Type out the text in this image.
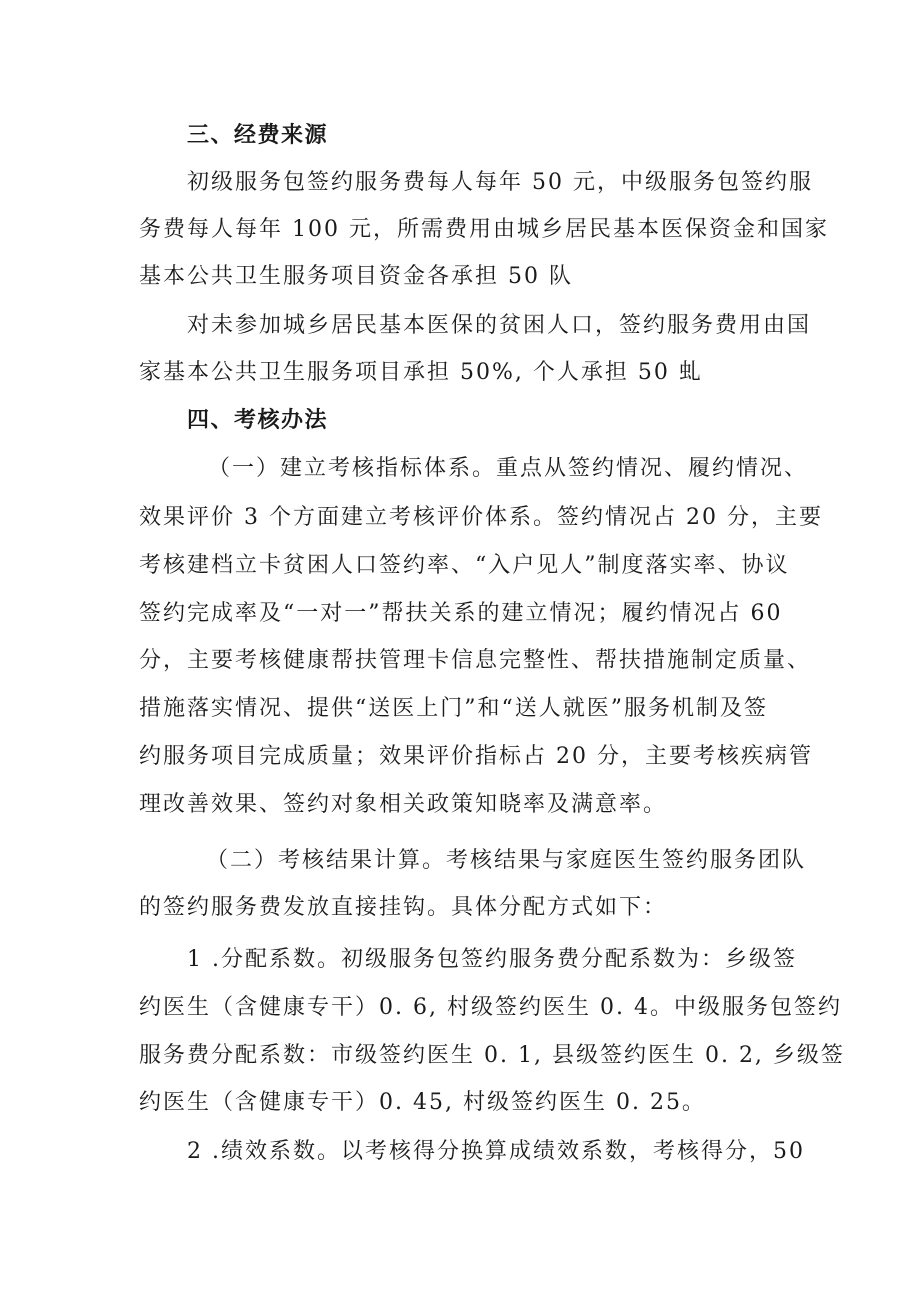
三、经费来源
初级服务包签约服务费每人每年 50 元，中级服务包签约服
务费每人每年 100 元，所需费用由城乡居民基本医保资金和国家
基本公共卫生服务项目资金各承担 50 队
对未参加城乡居民基本医保的贫困人口，签约服务费用由国
家基本公共卫生服务项目承担 50%, 个人承担 50 虬
四、考核办法
（一）建立考核指标体系。重点从签约情况、履约情况、
效果评价 3 个方面建立考核评价体系。签约情况占 20 分，主要
考核建档立卡贫困人口签约率、“入户见人”制度落实率、协议
签约完成率及“一对一”帮扶关系的建立情况；履约情况占 60
分，主要考核健康帮扶管理卡信息完整性、帮扶措施制定质量、
措施落实情况、提供“送医上门”和“送人就医”服务机制及签
约服务项目完成质量；效果评价指标占 20 分，主要考核疾病管
理改善效果、签约对象相关政策知晓率及满意率。
（二）考核结果计算。考核结果与家庭医生签约服务团队
的签约服务费发放直接挂钩。具体分配方式如下：
1 .分配系数。初级服务包签约服务费分配系数为：乡级签
约医生（含健康专干）0. 6, 村级签约医生 0. 4。中级服务包签约
服务费分配系数：市级签约医生 0. 1, 县级签约医生 0. 2, 乡级签
约医生（含健康专干）0. 45, 村级签约医生 0. 25。
2 .绩效系数。以考核得分换算成绩效系数，考核得分，50
